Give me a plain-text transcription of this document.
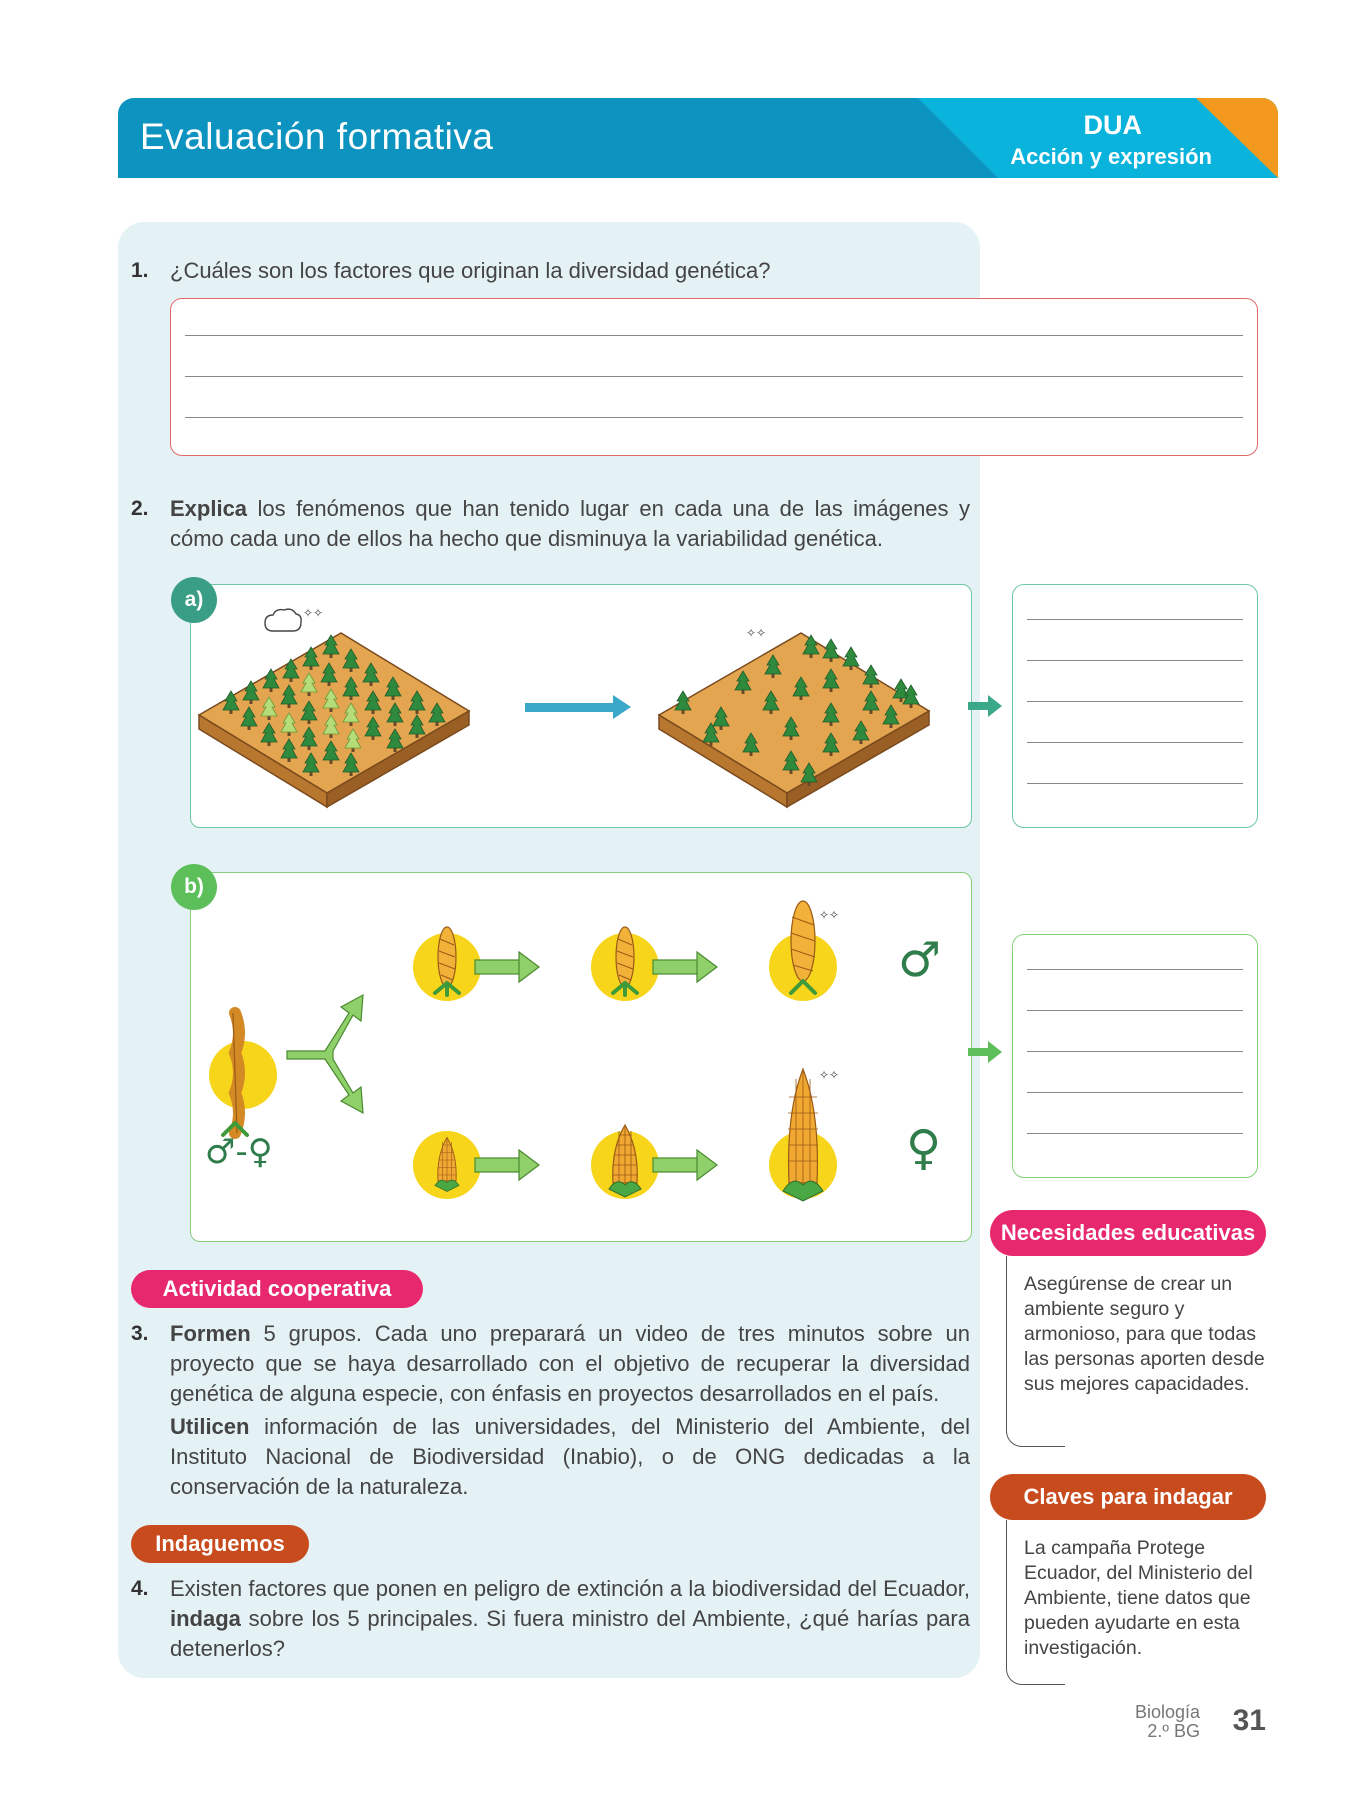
Evaluación formativa	DUA
Acción y expresión
1. ¿Cuáles son los factores que originan la diversidad genética?
2. Explica los fenómenos que han tenido lugar en cada una de las imágenes y cómo cada uno de ellos ha hecho que disminuya la variabilidad genética.
✧✧
✧✧
a)
✧✧
✧✧
♂-♀
♂
♀
b)
Actividad cooperativa
3. Formen 5 grupos. Cada uno preparará un video de tres minutos sobre un proyecto que se haya desarrollado con el objetivo de recuperar la diversidad genética de alguna especie, con énfasis en proyectos desarrollados en el país.
Utilicen información de las universidades, del Ministerio del Ambiente, del Instituto Nacional de Biodiversidad (Inabio), o de ONG dedicadas a la conservación de la naturaleza.
Indaguemos
4. Existen factores que ponen en peligro de extinción a la biodiversidad del Ecuador, indaga sobre los 5 principales. Si fuera ministro del Ambiente, ¿qué harías para detenerlos?
Necesidades educativas
Asegúrense de crear un ambiente seguro y armonioso, para que todas las personas aporten desde sus mejores capacidades.
Claves para indagar
La campaña Protege Ecuador, del Ministerio del Ambiente, tiene datos que pueden ayudarte en esta investigación.
Biología
2.º BG 31
